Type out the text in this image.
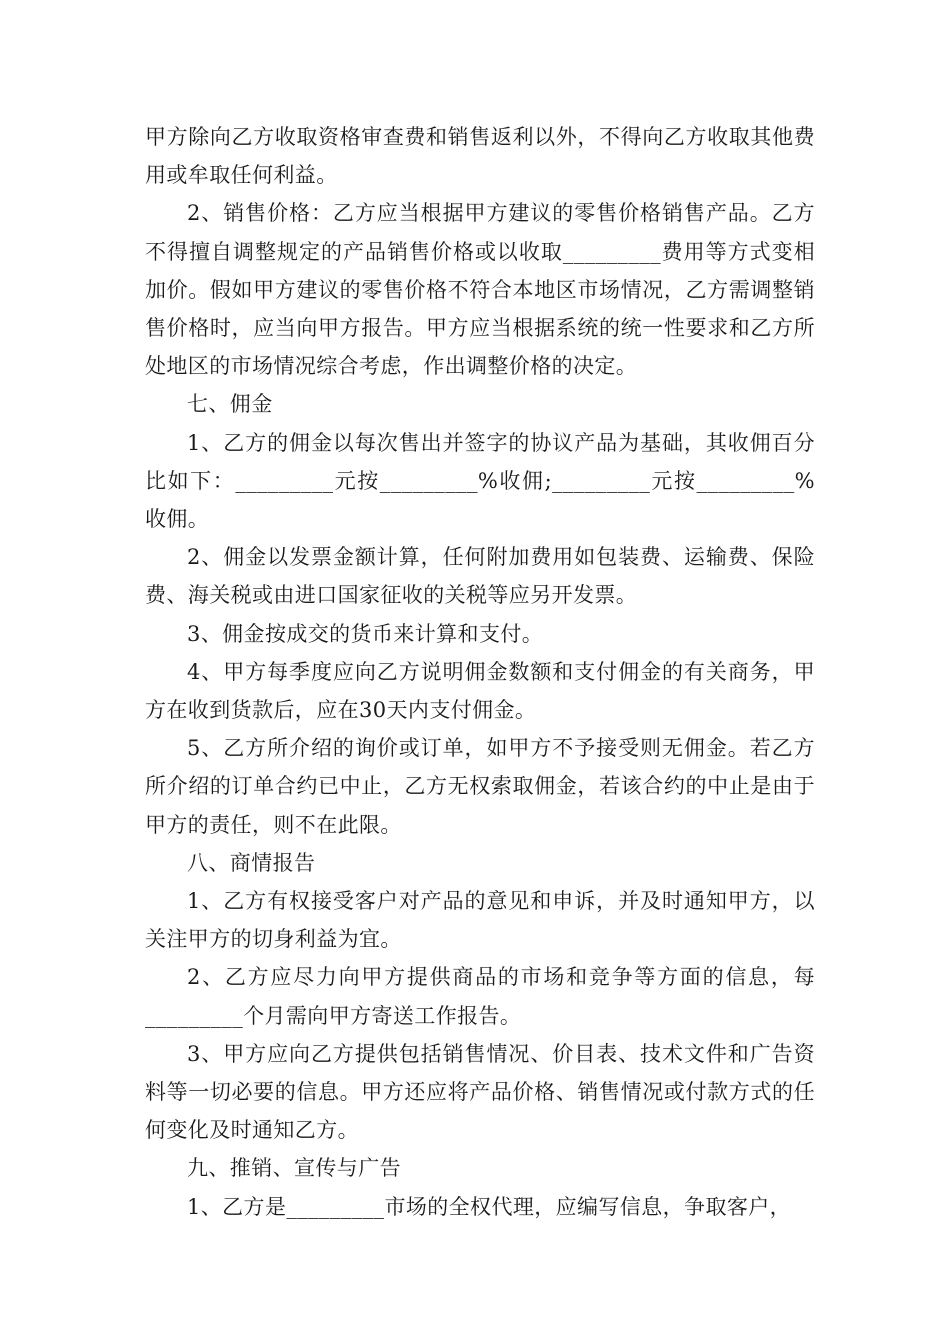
甲方除向乙方收取资格审查费和销售返利以外，不得向乙方收取其他费用或牟取任何利益。

2、销售价格：乙方应当根据甲方建议的零售价格销售产品。乙方不得擅自调整规定的产品销售价格或以收取_________费用等方式变相加价。假如甲方建议的零售价格不符合本地区市场情况，乙方需调整销售价格时，应当向甲方报告。甲方应当根据系统的统一性要求和乙方所处地区的市场情况综合考虑，作出调整价格的决定。

七、佣金

1、乙方的佣金以每次售出并签字的协议产品为基础，其收佣百分比如下：_________元按_________%收佣;_________元按_________%收佣。

2、佣金以发票金额计算，任何附加费用如包装费、运输费、保险费、海关税或由进口国家征收的关税等应另开发票。

3、佣金按成交的货币来计算和支付。

4、甲方每季度应向乙方说明佣金数额和支付佣金的有关商务，甲方在收到货款后，应在30天内支付佣金。

5、乙方所介绍的询价或订单，如甲方不予接受则无佣金。若乙方所介绍的订单合约已中止，乙方无权索取佣金，若该合约的中止是由于甲方的责任，则不在此限。

八、商情报告

1、乙方有权接受客户对产品的意见和申诉，并及时通知甲方，以关注甲方的切身利益为宜。

2、乙方应尽力向甲方提供商品的市场和竞争等方面的信息，每_________个月需向甲方寄送工作报告。

3、甲方应向乙方提供包括销售情况、价目表、技术文件和广告资料等一切必要的信息。甲方还应将产品价格、销售情况或付款方式的任何变化及时通知乙方。

九、推销、宣传与广告

1、乙方是_________市场的全权代理，应编写信息，争取客户，
